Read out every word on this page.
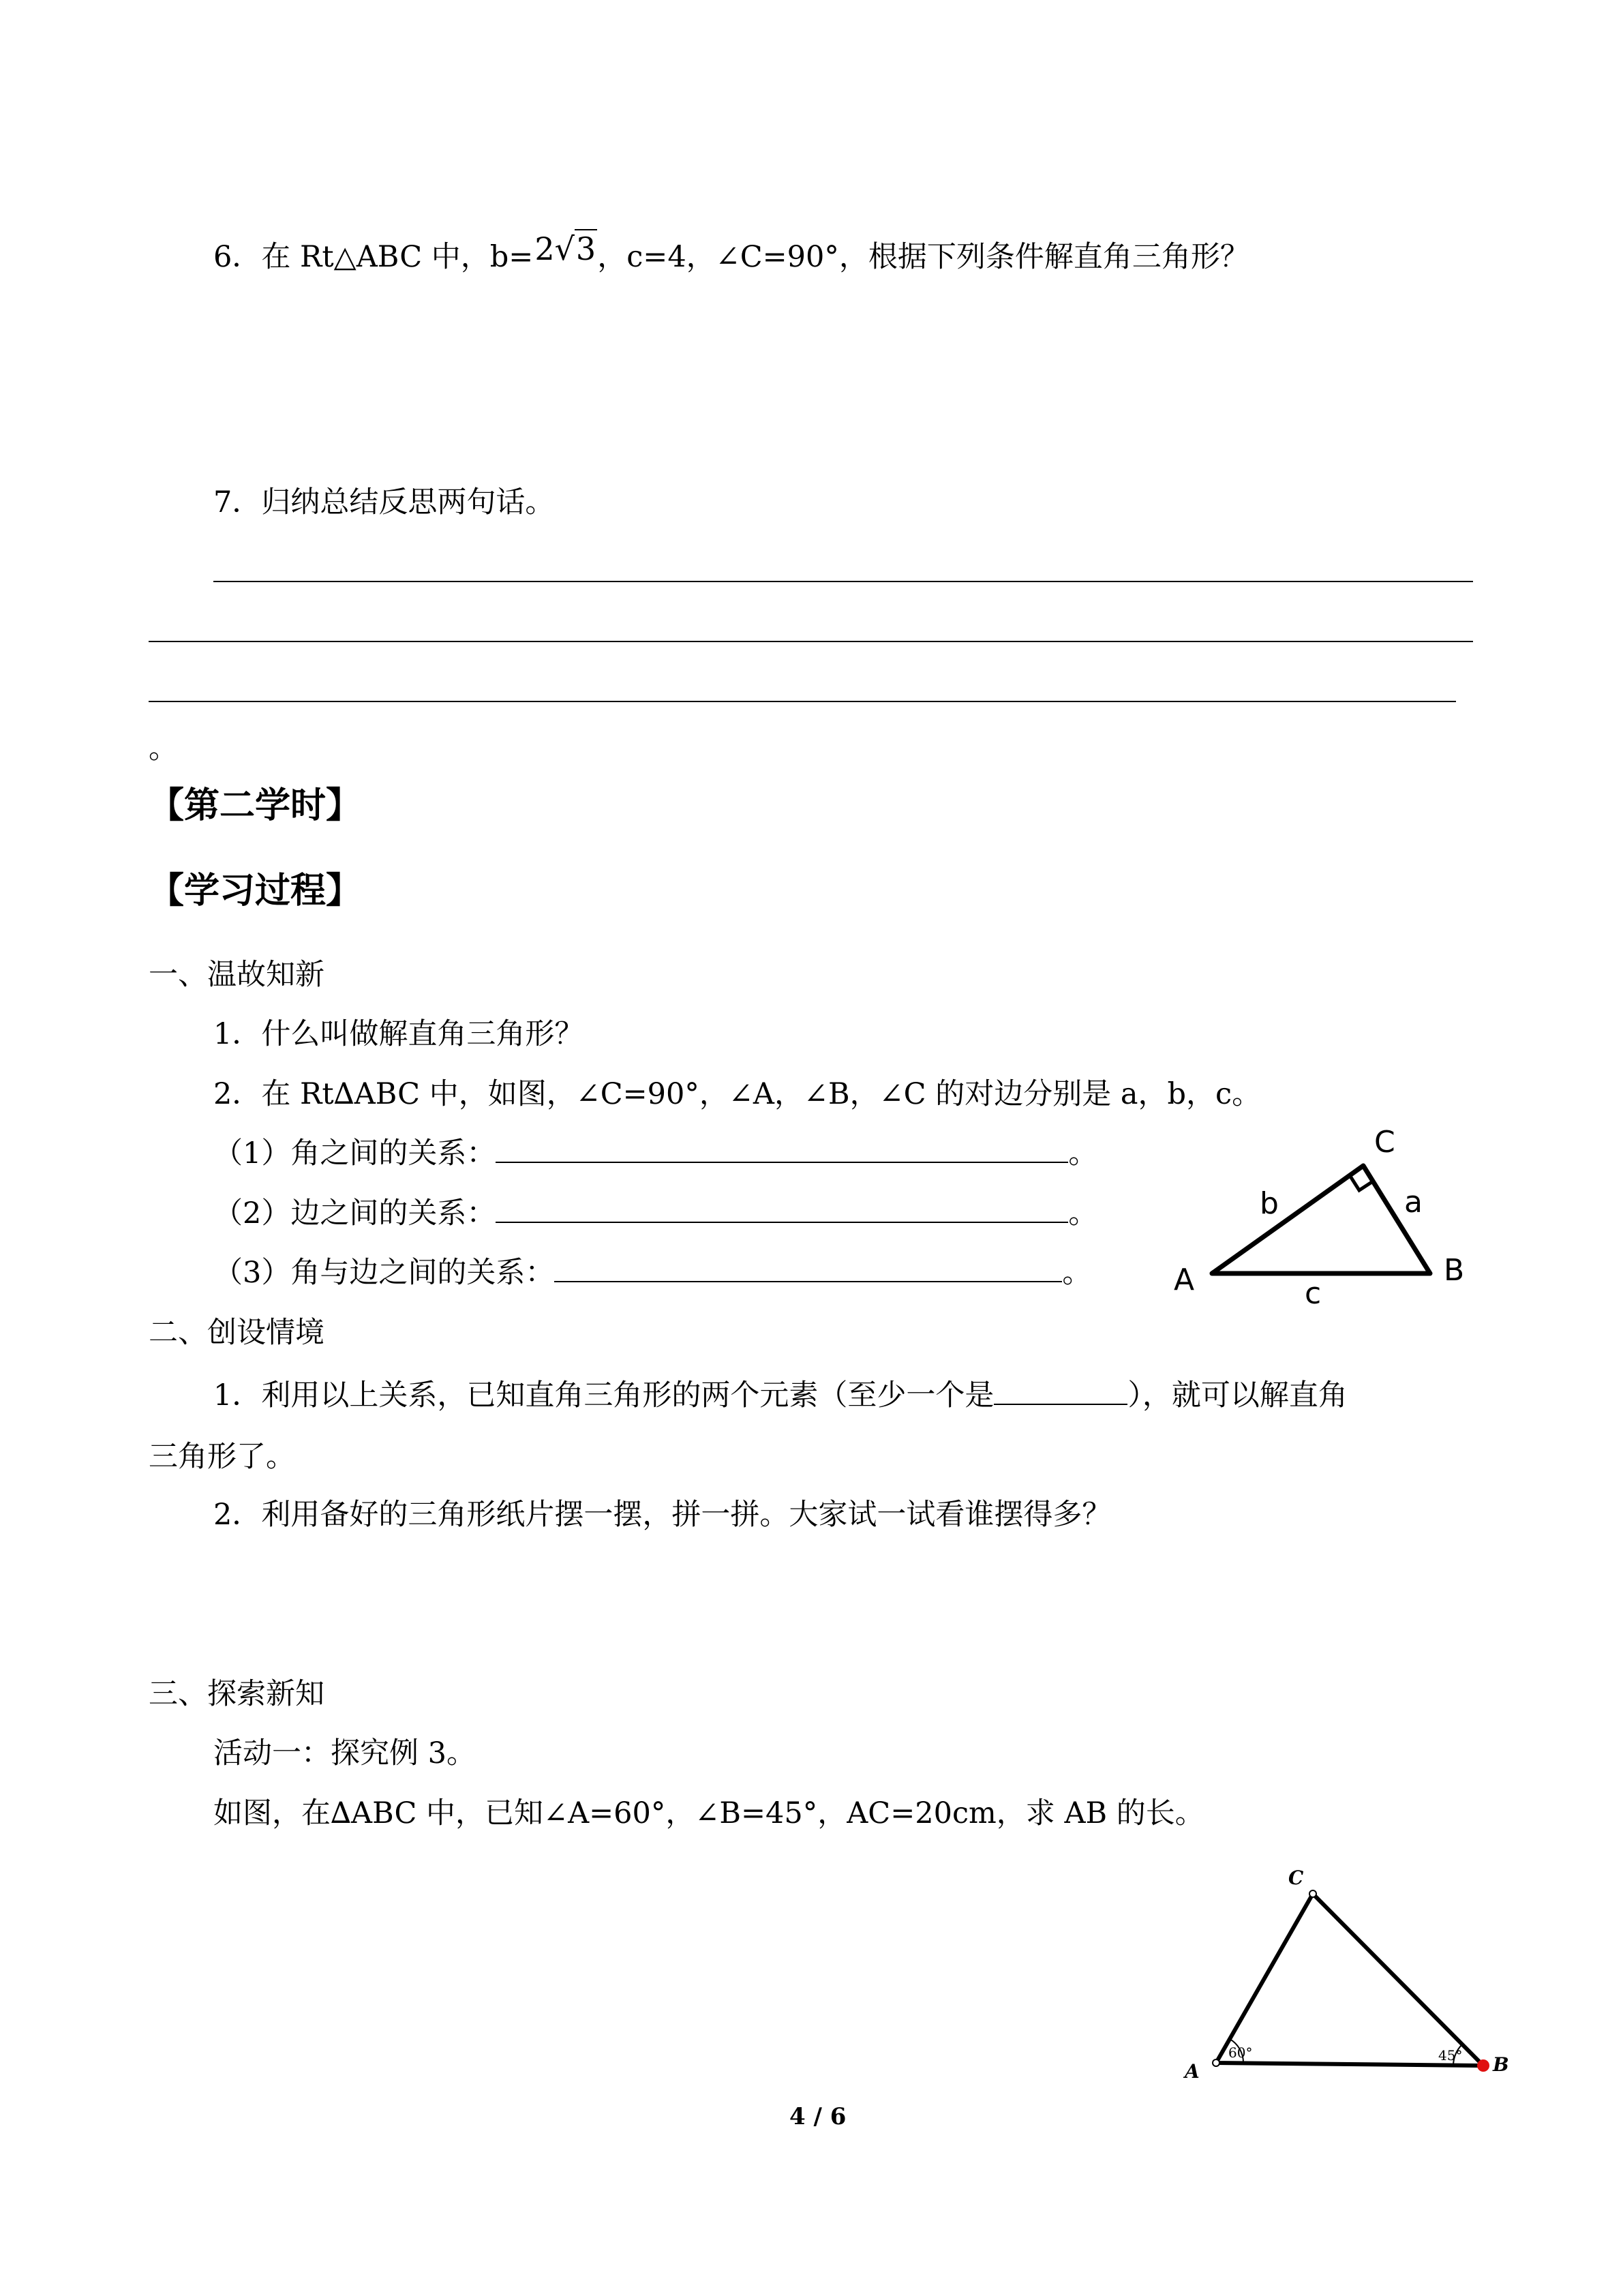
6．在 Rt△ABC 中，b=2√3，c=4，∠C=90°，根据下列条件解直角三角形？
7．归纳总结反思两句话。
。
【第二学时】
【学习过程】
一、温故知新
1．什么叫做解直角三角形？
2．在 Rt∆ABC 中，如图，∠C=90°，∠A，∠B，∠C 的对边分别是 a，b，c。
（1）角之间的关系：	。
（2）边之间的关系：	。
（3）角与边之间的关系：	。
C
A	B
b	a
c
二、创设情境
1．利用以上关系，已知直角三角形的两个元素（至少一个是	），就可以解直角
三角形了。
2．利用备好的三角形纸片摆一摆，拼一拼。大家试一试看谁摆得多？
三、探索新知
活动一：探究例 3。
如图，在∆ABC 中，已知∠A=60°，∠B=45°，AC=20cm，求 AB 的长。
C
A	B
60°	45°
4 / 6
